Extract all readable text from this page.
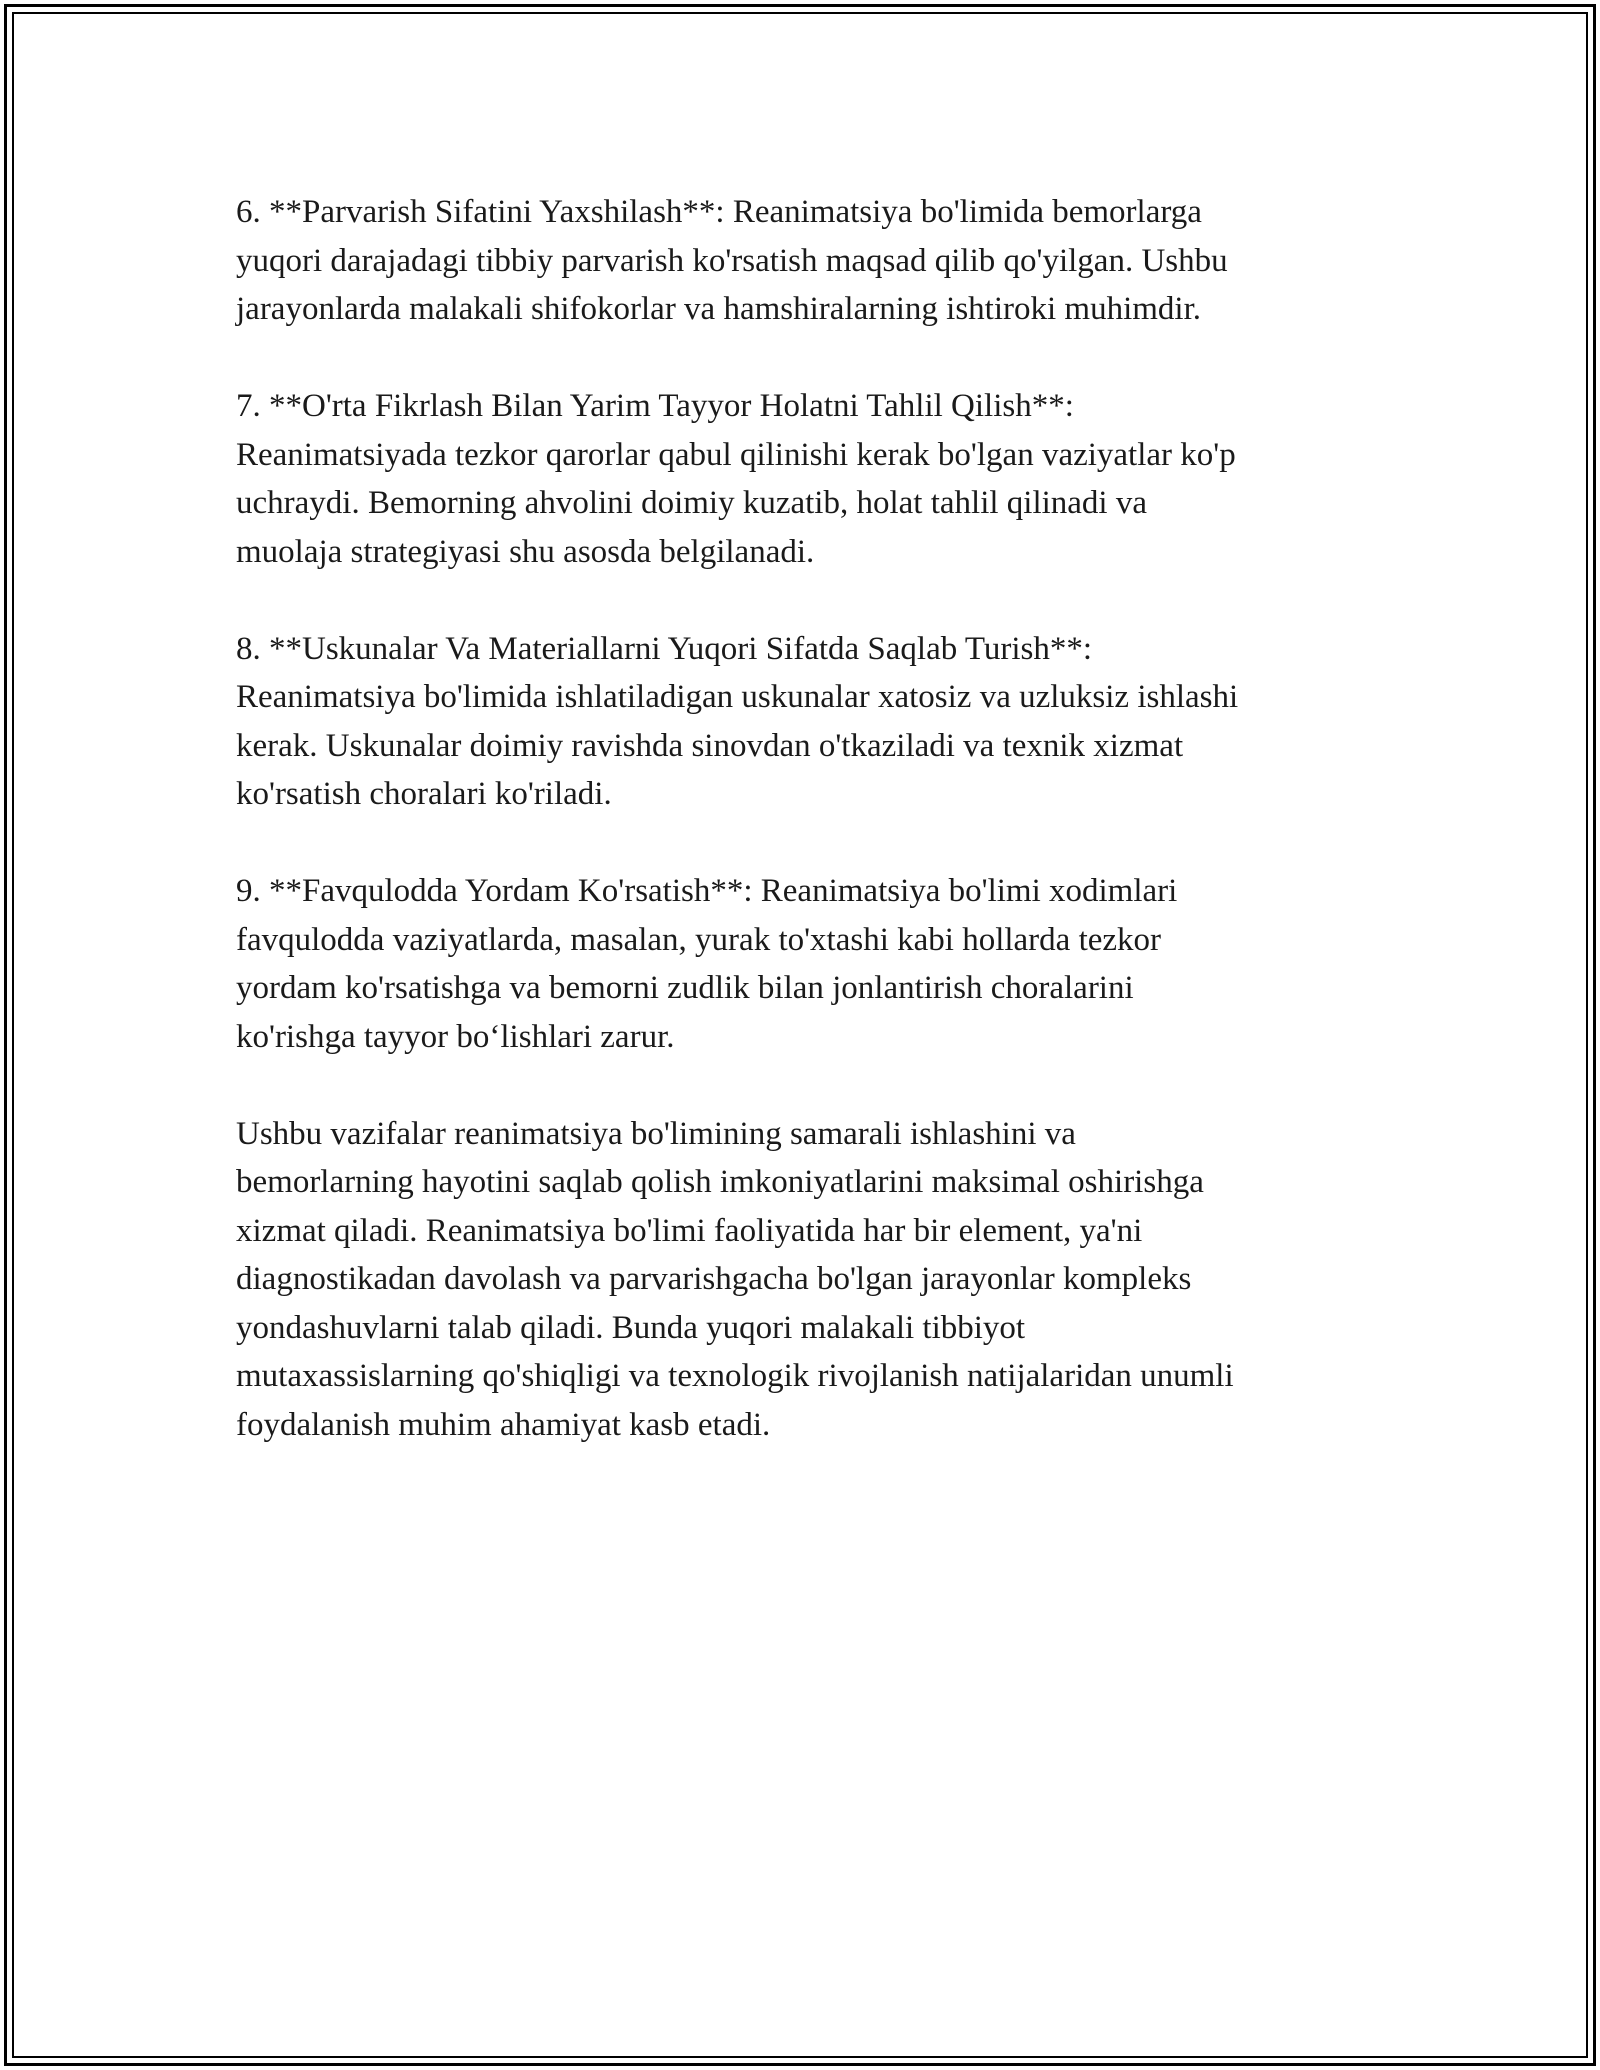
6. **Parvarish Sifatini Yaxshilash**: Reanimatsiya bo'limida bemorlarga
yuqori darajadagi tibbiy parvarish ko'rsatish maqsad qilib qo'yilgan. Ushbu
jarayonlarda malakali shifokorlar va hamshiralarning ishtiroki muhimdir.

7. **O'rta Fikrlash Bilan Yarim Tayyor Holatni Tahlil Qilish**:
Reanimatsiyada tezkor qarorlar qabul qilinishi kerak bo'lgan vaziyatlar ko'p
uchraydi. Bemorning ahvolini doimiy kuzatib, holat tahlil qilinadi va
muolaja strategiyasi shu asosda belgilanadi.

8. **Uskunalar Va Materiallarni Yuqori Sifatda Saqlab Turish**:
Reanimatsiya bo'limida ishlatiladigan uskunalar xatosiz va uzluksiz ishlashi
kerak. Uskunalar doimiy ravishda sinovdan o'tkaziladi va texnik xizmat
ko'rsatish choralari ko'riladi.

9. **Favqulodda Yordam Ko'rsatish**: Reanimatsiya bo'limi xodimlari
favqulodda vaziyatlarda, masalan, yurak to'xtashi kabi hollarda tezkor
yordam ko'rsatishga va bemorni zudlik bilan jonlantirish choralarini
ko'rishga tayyor bo‘lishlari zarur.

Ushbu vazifalar reanimatsiya bo'limining samarali ishlashini va
bemorlarning hayotini saqlab qolish imkoniyatlarini maksimal oshirishga
xizmat qiladi. Reanimatsiya bo'limi faoliyatida har bir element, ya'ni
diagnostikadan davolash va parvarishgacha bo'lgan jarayonlar kompleks
yondashuvlarni talab qiladi. Bunda yuqori malakali tibbiyot
mutaxassislarning qo'shiqligi va texnologik rivojlanish natijalaridan unumli
foydalanish muhim ahamiyat kasb etadi.
